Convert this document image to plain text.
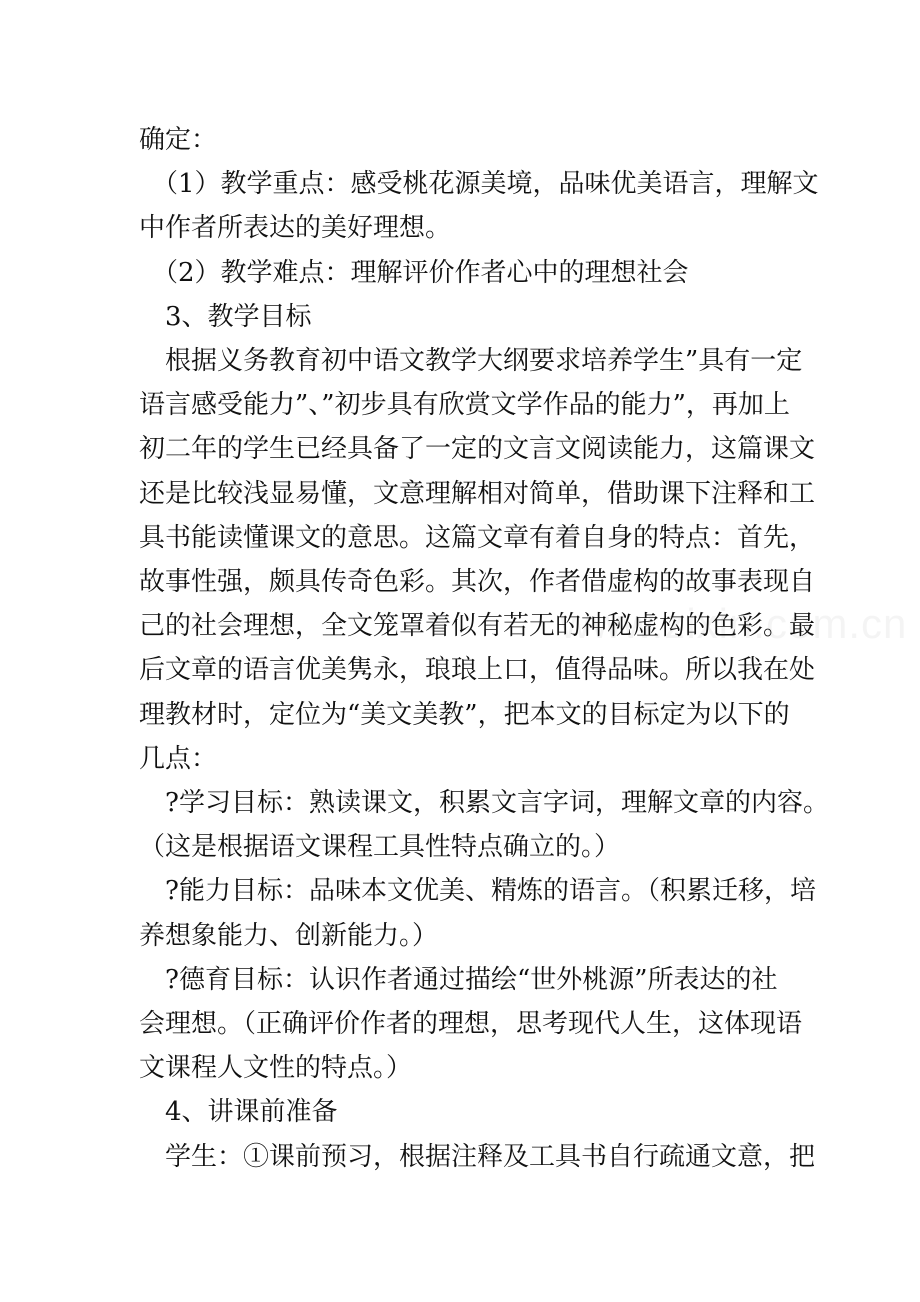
确定：

　（1）教学重点：感受桃花源美境，品味优美语言，理解文

中作者所表达的美好理想。

　（2）教学难点：理解评价作者心中的理想社会

　3、教学目标

　根据义务教育初中语文教学大纲要求培养学生”具有一定

语言感受能力”、”初步具有欣赏文学作品的能力”，再加上

初二年的学生已经具备了一定的文言文阅读能力，这篇课文

还是比较浅显易懂，文意理解相对简单，借助课下注释和工

具书能读懂课文的意思。这篇文章有着自身的特点：首先，

故事性强，颇具传奇色彩。其次，作者借虚构的故事表现自

己的社会理想，全文笼罩着似有若无的神秘虚构的色彩。最

后文章的语言优美隽永，琅琅上口，值得品味。所以我在处

理教材时，定位为“美文美教”，把本文的目标定为以下的

几点：

　?学习目标：熟读课文，积累文言字词，理解文章的内容。

（这是根据语文课程工具性特点确立的。）

　?能力目标：品味本文优美、精炼的语言。（积累迁移，培

养想象能力、创新能力。）

　?德育目标：认识作者通过描绘“世外桃源”所表达的社

会理想。（正确评价作者的理想，思考现代人生，这体现语

文课程人文性的特点。）

　4、讲课前准备

　学生：①课前预习，根据注释及工具书自行疏通文意，把
